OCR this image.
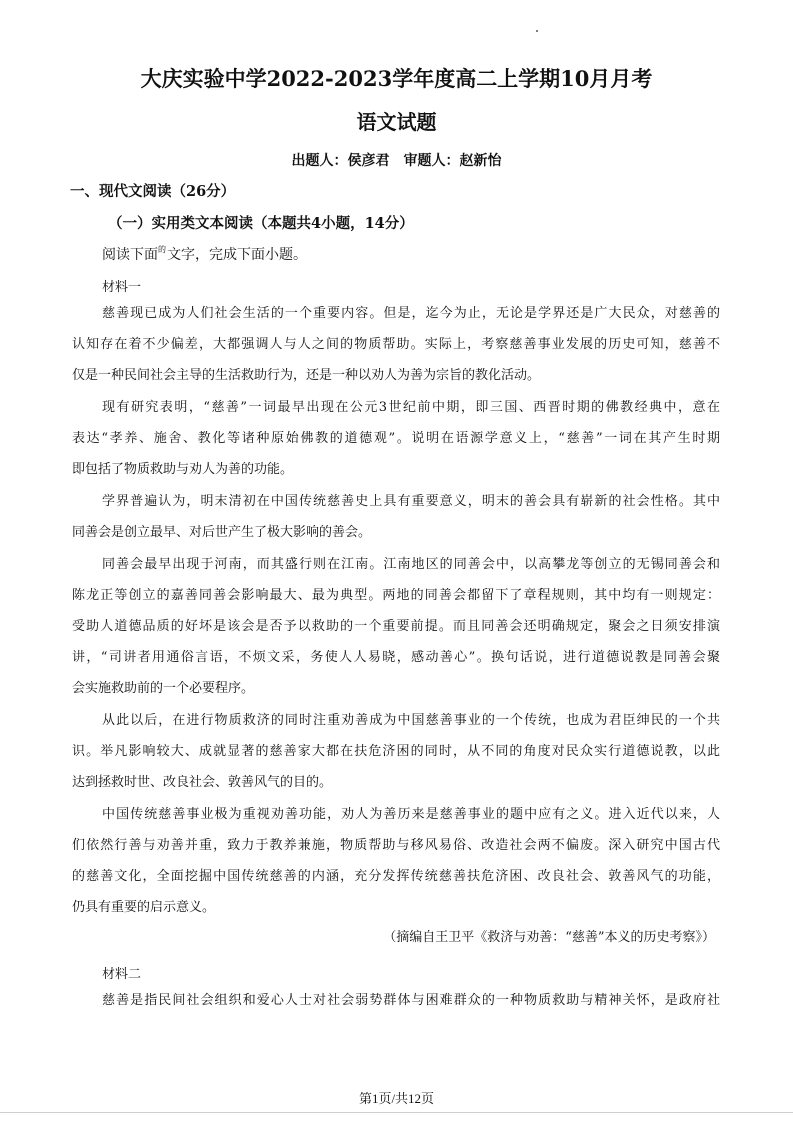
大庆实验中学2022-2023学年度高二上学期10月月考
语文试题
出题人：侯彦君 审题人：赵新怡
一、现代文阅读（26分）
（一）实用类文本阅读（本题共4小题，14分）
阅读下面$^的$文字，完成下面小题。
材料一
慈善现已成为人们社会生活的一个重要内容。但是，迄今为止，无论是学界还是广大民众，对慈善的
认知存在着不少偏差，大都强调人与人之间的物质帮助。实际上，考察慈善事业发展的历史可知，慈善不
仅是一种民间社会主导的生活救助行为，还是一种以劝人为善为宗旨的教化活动。
现有研究表明，“慈善”一词最早出现在公元3世纪前中期，即三国、西晋时期的佛教经典中，意在
表达“孝养、施舍、教化等诸种原始佛教的道德观”。说明在语源学意义上，“慈善”一词在其产生时期
即包括了物质救助与劝人为善的功能。
学界普遍认为，明末清初在中国传统慈善史上具有重要意义，明末的善会具有崭新的社会性格。其中
同善会是创立最早、对后世产生了极大影响的善会。
同善会最早出现于河南，而其盛行则在江南。江南地区的同善会中，以高攀龙等创立的无锡同善会和
陈龙正等创立的嘉善同善会影响最大、最为典型。两地的同善会都留下了章程规则，其中均有一则规定：
受助人道德品质的好坏是该会是否予以救助的一个重要前提。而且同善会还明确规定，聚会之日须安排演
讲，“司讲者用通俗言语，不烦文采，务使人人易晓，感动善心”。换句话说，进行道德说教是同善会聚
会实施救助前的一个必要程序。
从此以后，在进行物质救济的同时注重劝善成为中国慈善事业的一个传统，也成为君臣绅民的一个共
识。举凡影响较大、成就显著的慈善家大都在扶危济困的同时，从不同的角度对民众实行道德说教，以此
达到拯救时世、改良社会、敦善风气的目的。
中国传统慈善事业极为重视劝善功能，劝人为善历来是慈善事业的题中应有之义。进入近代以来，人
们依然行善与劝善并重，致力于教养兼施，物质帮助与移风易俗、改造社会两不偏废。深入研究中国古代
的慈善文化，全面挖掘中国传统慈善的内涵，充分发挥传统慈善扶危济困、改良社会、敦善风气的功能，
仍具有重要的启示意义。
（摘编自王卫平《救济与劝善：“慈善”本义的历史考察》）
材料二
慈善是指民间社会组织和爱心人士对社会弱势群体与困难群众的一种物质救助与精神关怀，是政府社
第1页/共12页
